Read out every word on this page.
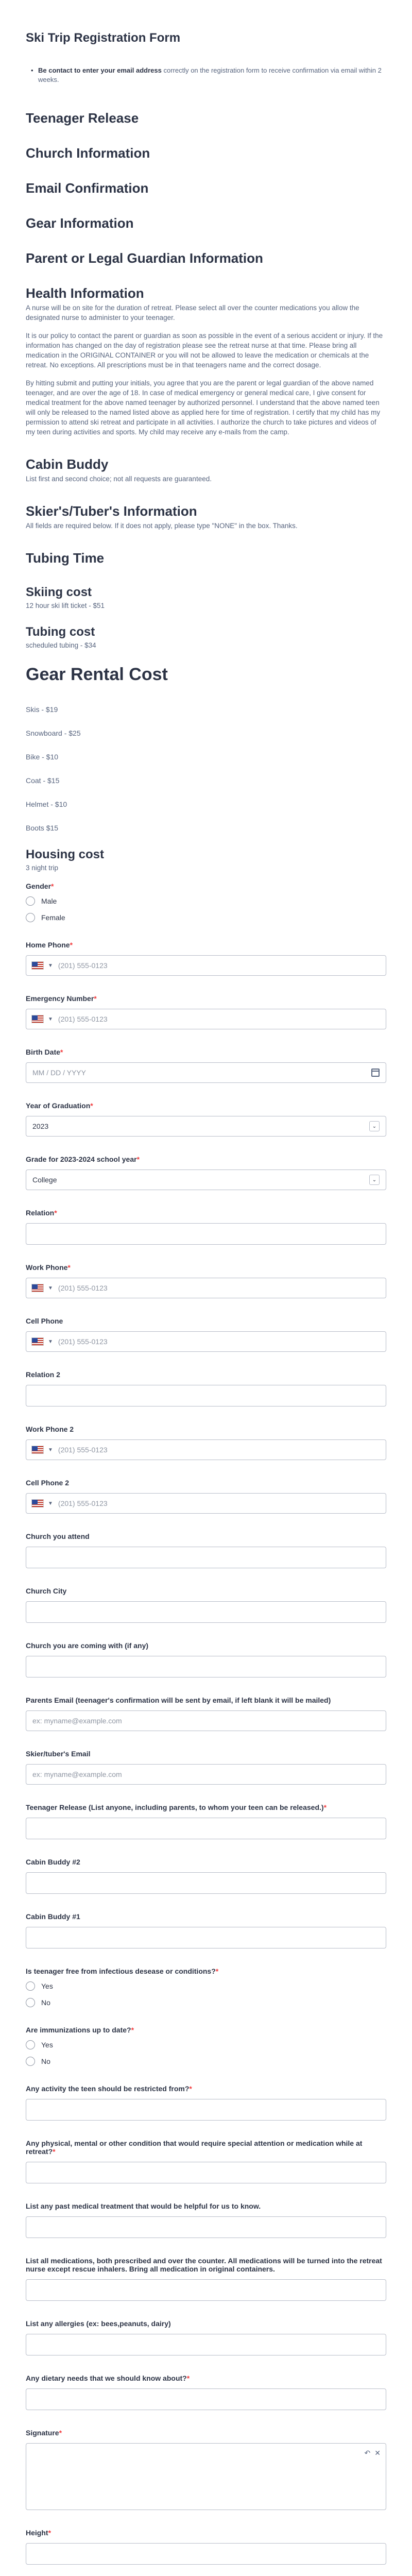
Ski Trip Registration Form
• Be contact to enter your email address correctly on the registration form to receive confirmation via email within 2 weeks.
Teenager Release
Church Information
Email Confirmation
Gear Information
Parent or Legal Guardian Information
Health Information

A nurse will be on site for the duration of retreat. Please select all over the counter medications you allow the designated nurse to administer to your teenager.

It is our policy to contact the parent or guardian as soon as possible in the event of a serious accident or injury. If the information has changed on the day of registration please see the retreat nurse at that time. Please bring all medication in the ORIGINAL CONTAINER or you will not be allowed to leave the medication or chemicals at the retreat. No exceptions. All prescriptions must be in that teenagers name and the correct dosage.

By hitting submit and putting your initials, you agree that you are the parent or legal guardian of the above named teenager, and are over the age of 18. In case of medical emergency or general medical care, I give consent for medical treatment for the above named teenager by authorized personnel. I understand that the above named teen will only be released to the named listed above as applied here for time of registration. I certify that my child has my permission to attend ski retreat and participate in all activities. I authorize the church to take pictures and videos of my teen during activities and sports. My child may receive any e-mails from the camp.

Cabin Buddy

List first and second choice; not all requests are guaranteed.

Skier's/Tuber's Information

All fields are required below. If it does not apply, please type "NONE" in the box. Thanks.

Tubing Time
Skiing cost

12 hour ski lift ticket - $51

Tubing cost

scheduled tubing - $34

Gear Rental Cost

Skis - $19

Snowboard - $25

Bike - $10

Coat - $15

Helmet - $10

Boots $15

Housing cost

3 night trip

Gender*
Male
Female
Home Phone*
▼ (201) 555-0123
Emergency Number*
▼ (201) 555-0123
Birth Date*
MM / DD / YYYY
Year of Graduation*
2023	⌄
Grade for 2023-2024 school year*
College	⌄
Relation*
Work Phone*
▼ (201) 555-0123
Cell Phone
▼ (201) 555-0123
Relation 2
Work Phone 2
▼ (201) 555-0123
Cell Phone 2
▼ (201) 555-0123
Church you attend
Church City
Church you are coming with (if any)
Parents Email (teenager's confirmation will be sent by email, if left blank it will be mailed)
ex: myname@example.com
Skier/tuber's Email
ex: myname@example.com
Teenager Release (List anyone, including parents, to whom your teen can be released.)*
Cabin Buddy #2
Cabin Buddy #1
Is teenager free from infectious desease or conditions?*
Yes
No
Are immunizations up to date?*
Yes
No
Any activity the teen should be restricted from?*
Any physical, mental or other condition that would require special attention or medication while at retreat?*
List any past medical treatment that would be helpful for us to know.
List all medications, both prescribed and over the counter. All medications will be turned into the retreat nurse except rescue inhalers. Bring all medication in original containers.
List any allergies (ex: bees,peanuts, dairy)
Any dietary needs that we should know about?*
Signature*
↶ ✕
Height*
